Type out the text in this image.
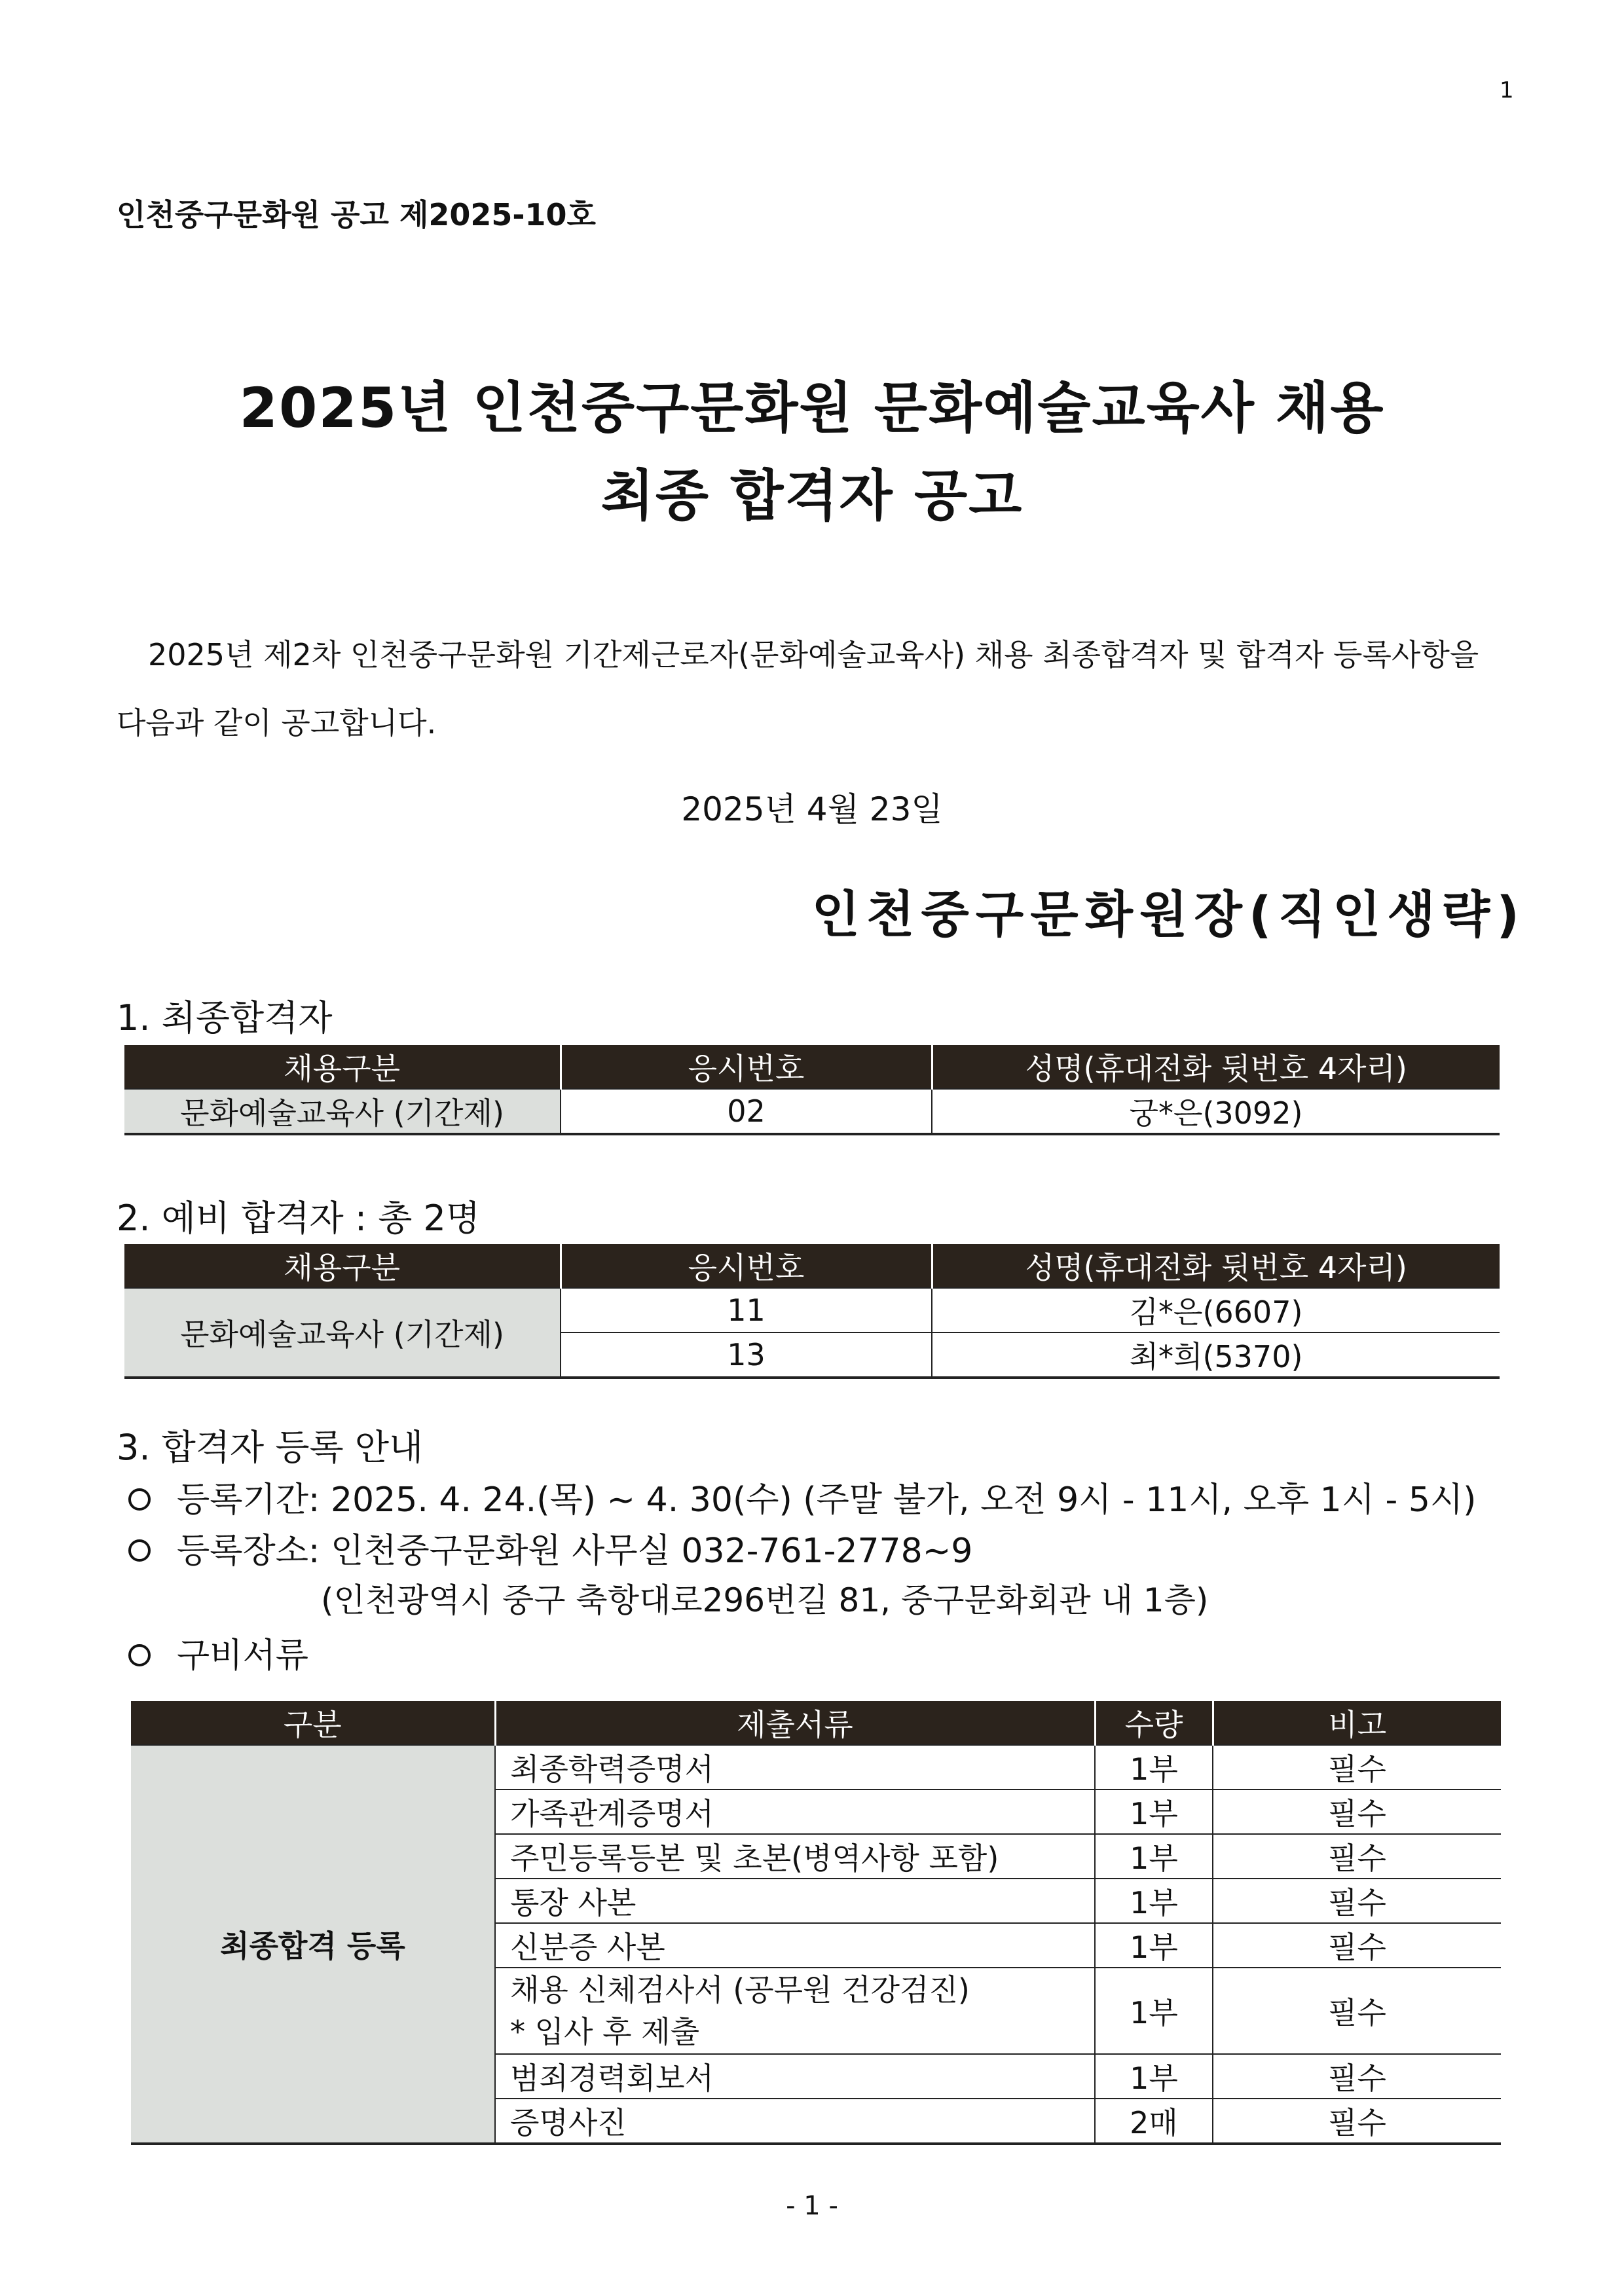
1
인천중구문화원 공고 제2025-10호
2025년 인천중구문화원 문화예술교육사 채용
최종 합격자 공고
2025년 제2차 인천중구문화원 기간제근로자(문화예술교육사) 채용 최종합격자 및 합격자 등록사항을
다음과 같이 공고합니다.
2025년 4월 23일
인천중구문화원장(직인생략)
1. 최종합격자
채용구분	응시번호	성명(휴대전화 뒷번호 4자리)
문화예술교육사 (기간제)	02	궁*은(3092)
2. 예비 합격자 : 총 2명
채용구분	응시번호	성명(휴대전화 뒷번호 4자리)
문화예술교육사 (기간제)	11	김*은(6607)
	13	최*희(5370)
3. 합격자 등록 안내
등록기간: 2025. 4. 24.(목) ~ 4. 30(수) (주말 불가, 오전 9시 - 11시, 오후 1시 - 5시)
등록장소: 인천중구문화원 사무실 032-761-2778~9
(인천광역시 중구 축항대로296번길 81, 중구문화회관 내 1층)
구비서류
구분	제출서류	수량	비고
최종합격 등록	최종학력증명서	1부	필수
	가족관계증명서	1부	필수
	주민등록등본 및 초본(병역사항 포함)	1부	필수
	통장 사본	1부	필수
	신분증 사본	1부	필수

	채용 신체검사서 (공무원 건강검진)
* 입사 후 제출	1부	필수
	범죄경력회보서	1부	필수
	증명사진	2매	필수
- 1 -
